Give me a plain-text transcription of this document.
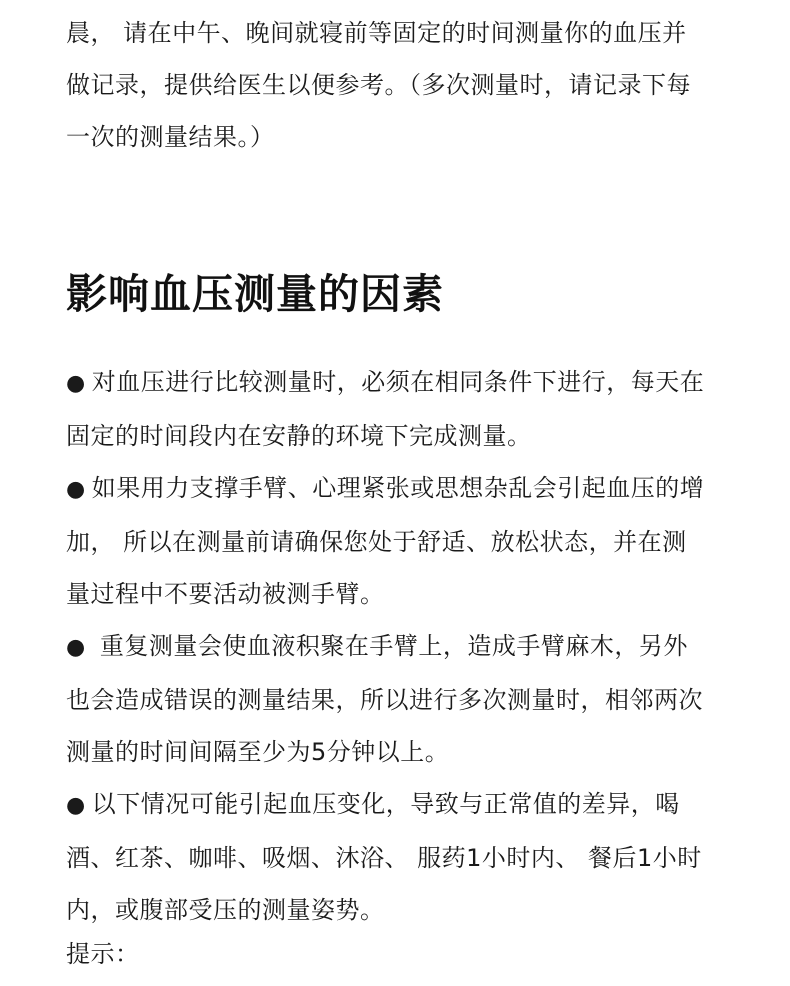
晨， 请在中午、晚间就寝前等固定的时间测量你的血压并做记录，提供给医生以便参考。（多次测量时，请记录下每一次的测量结果。）

影响血压测量的因素
● 对血压进行比较测量时，必须在相同条件下进行，每天在固定的时间段内在安静的环境下完成测量。
● 如果用力支撑手臂、心理紧张或思想杂乱会引起血压的增加， 所以在测量前请确保您处于舒适、放松状态，并在测量过程中不要活动被测手臂。
● 重复测量会使血液积聚在手臂上，造成手臂麻木，另外也会造成错误的测量结果，所以进行多次测量时，相邻两次测量的时间间隔至少为5分钟以上。
● 以下情况可能引起血压变化，导致与正常值的差异，喝酒、红茶、咖啡、吸烟、沐浴、 服药1小时内、 餐后1小时内，或腹部受压的测量姿势。

提示：
